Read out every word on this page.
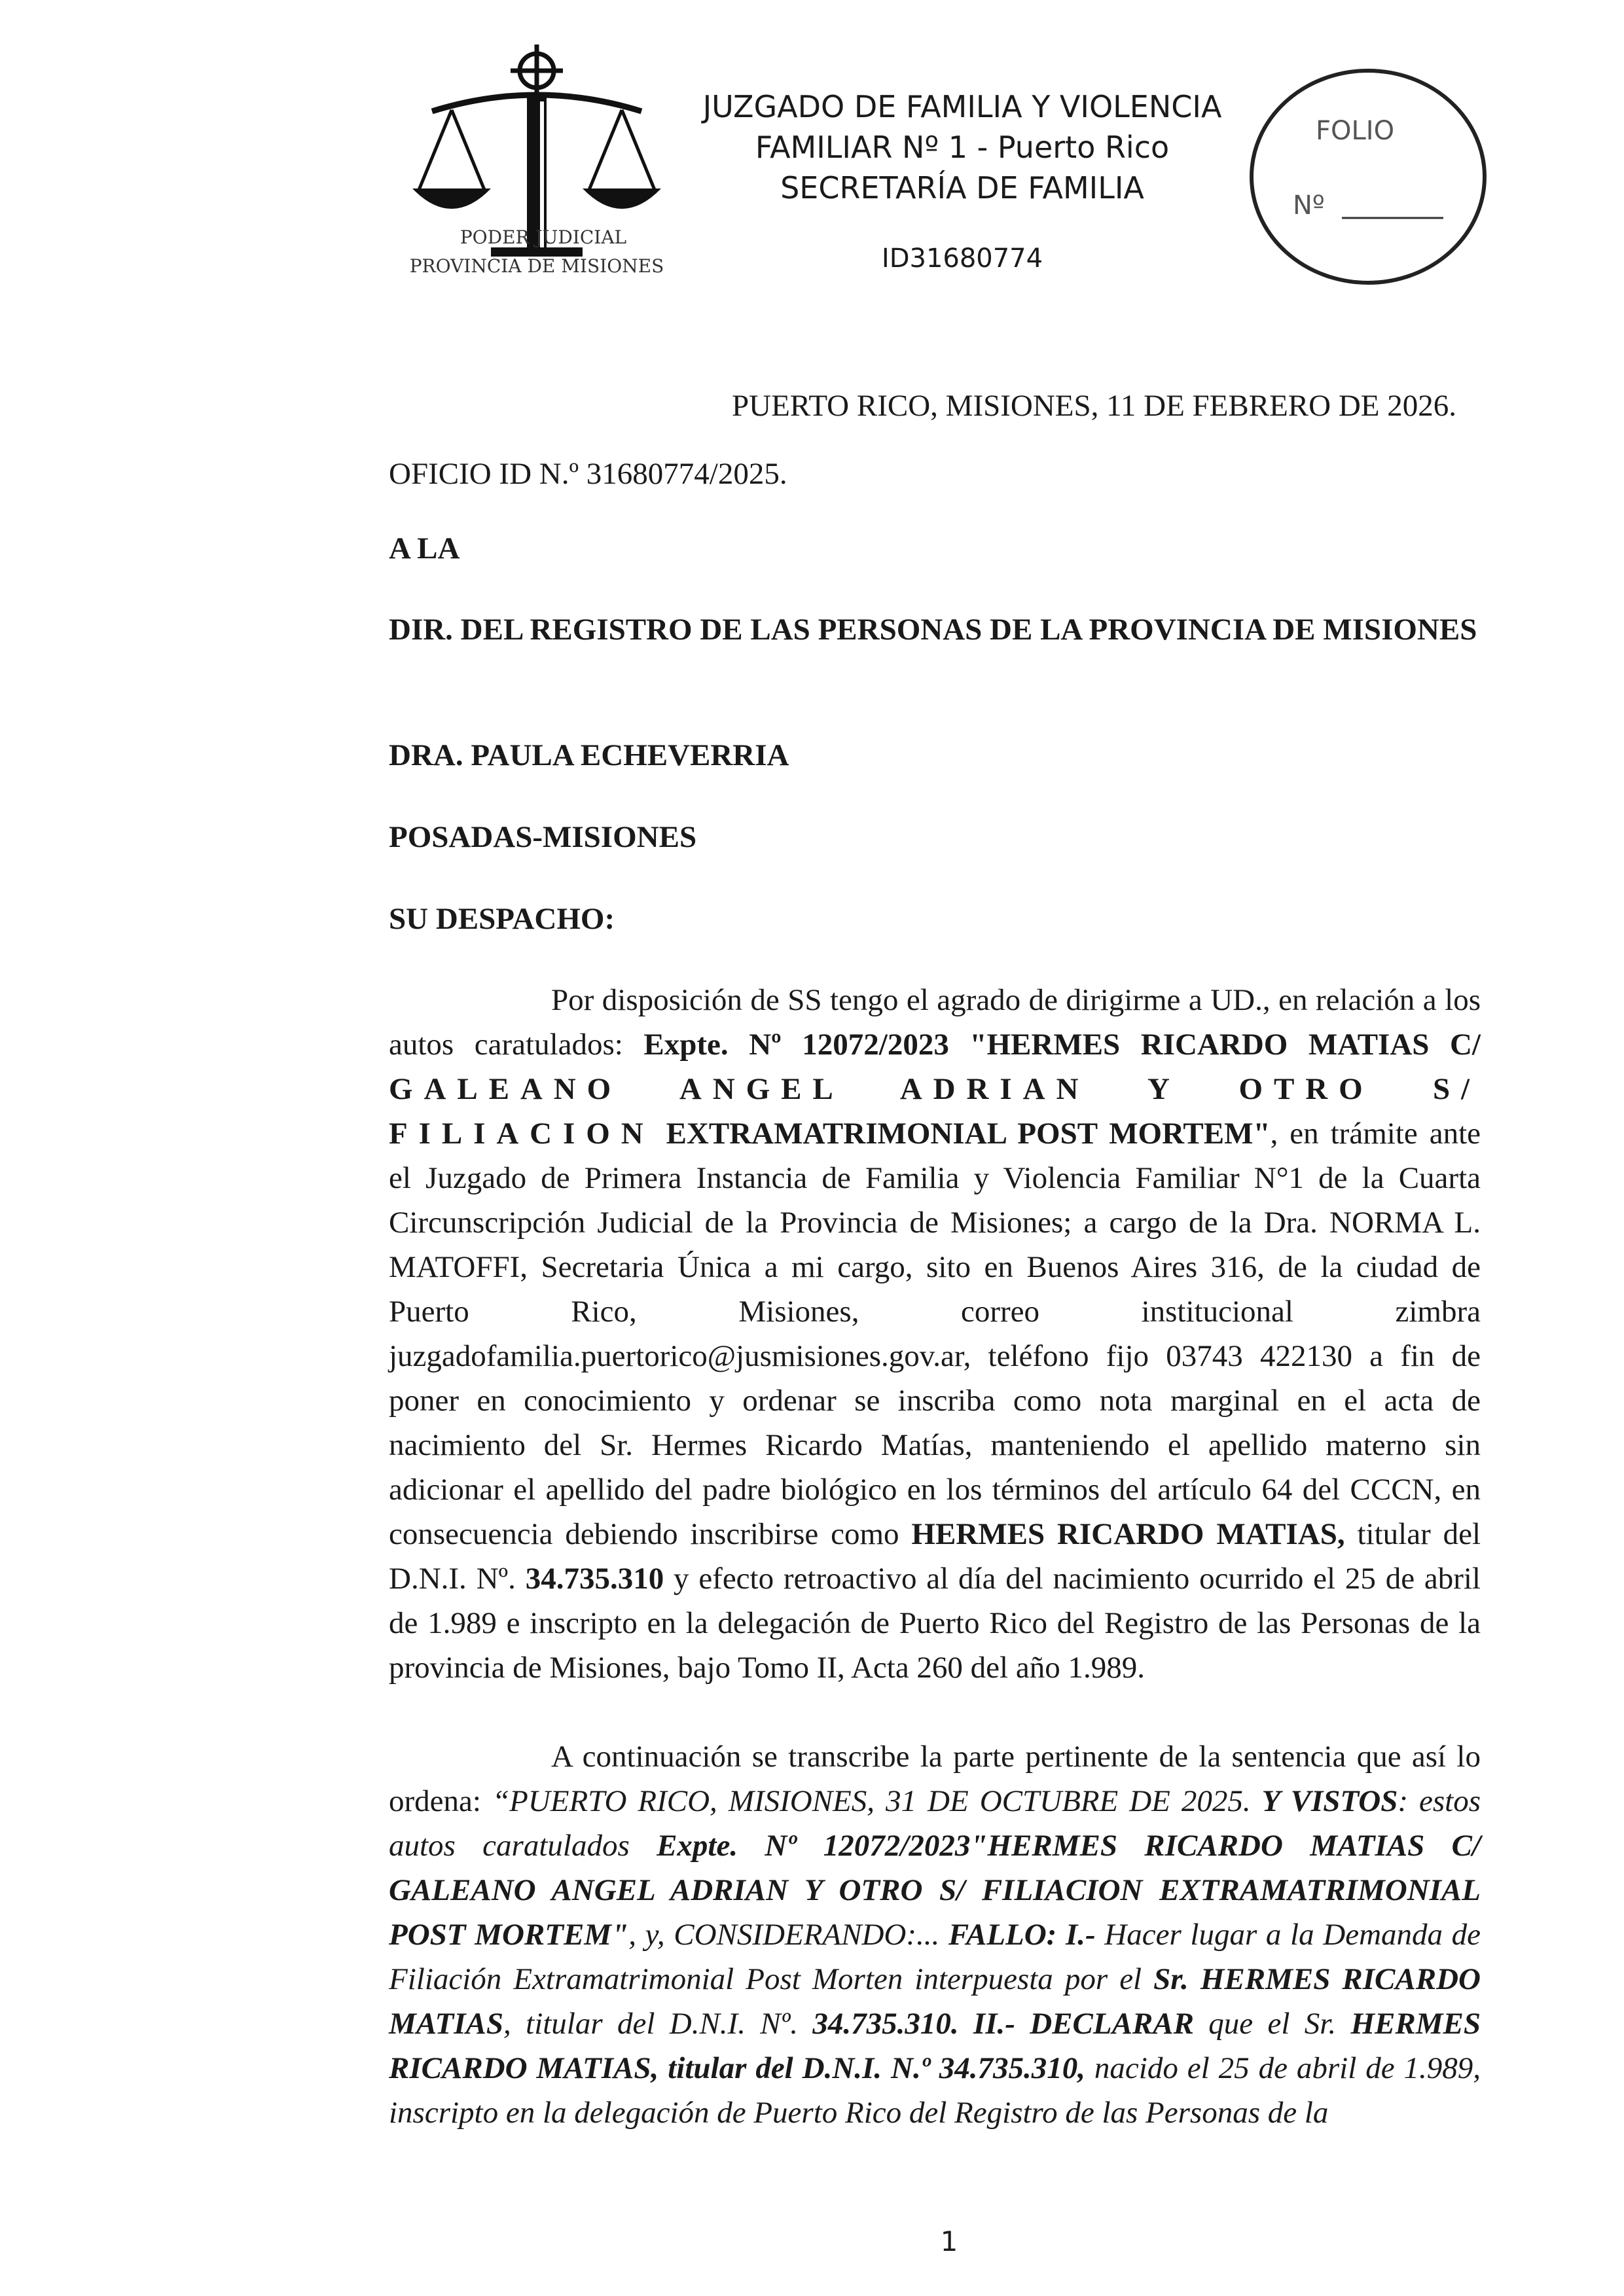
PODER JUDICIAL
PROVINCIA DE MISIONES
JUZGADO DE FAMILIA Y VIOLENCIA
FAMILIAR Nº 1 - Puerto Rico
SECRETARÍA DE FAMILIA
ID31680774
FOLIO
Nº
PUERTO RICO, MISIONES, 11 DE FEBRERO DE 2026.
OFICIO ID N.º 31680774/2025.
A LA
DIR. DEL REGISTRO DE LAS PERSONAS DE LA PROVINCIA DE MISIONES
DRA. PAULA ECHEVERRIA
POSADAS-MISIONES
SU DESPACHO:
Por disposición de SS tengo el agrado de dirigirme a UD., en relación a los autos caratulados: Expte. Nº 12072/2023 "HERMES RICARDO MATIAS C/ GALEANO ANGEL ADRIAN Y OTRO S/ FILIACION EXTRAMATRIMONIAL POST MORTEM", en trámite ante el Juzgado de Primera Instancia de Familia y Violencia Familiar N°1 de la Cuarta Circunscripción Judicial de la Provincia de Misiones; a cargo de la Dra. NORMA L. MATOFFI, Secretaria Única a mi cargo, sito en Buenos Aires 316, de la ciudad de Puerto Rico, Misiones, correo institucional zimbra juzgadofamilia.puertorico@jusmisiones.gov.ar, teléfono fijo 03743 422130 a fin de poner en conocimiento y ordenar se inscriba como nota marginal en el acta de nacimiento del Sr. Hermes Ricardo Matías, manteniendo el apellido materno sin adicionar el apellido del padre biológico en los términos del artículo 64 del CCCN, en consecuencia debiendo inscribirse como HERMES RICARDO MATIAS, titular del D.N.I. Nº. 34.735.310 y efecto retroactivo al día del nacimiento ocurrido el 25 de abril de 1.989 e inscripto en la delegación de Puerto Rico del Registro de las Personas de la provincia de Misiones, bajo Tomo II, Acta 260 del año 1.989.
A continuación se transcribe la parte pertinente de la sentencia que así lo ordena: “PUERTO RICO, MISIONES, 31 DE OCTUBRE DE 2025. Y VISTOS: estos autos caratulados Expte. Nº 12072/2023"HERMES RICARDO MATIAS C/ GALEANO ANGEL ADRIAN Y OTRO S/ FILIACION EXTRAMATRIMONIAL POST MORTEM", y, CONSIDERANDO:... FALLO: I.- Hacer lugar a la Demanda de Filiación Extramatrimonial Post Morten interpuesta por el Sr. HERMES RICARDO MATIAS, titular del D.N.I. Nº. 34.735.310. II.- DECLARAR que el Sr. HERMES RICARDO MATIAS, titular del D.N.I. N.º 34.735.310, nacido el 25 de abril de 1.989, inscripto en la delegación de Puerto Rico del Registro de las Personas de la
1
